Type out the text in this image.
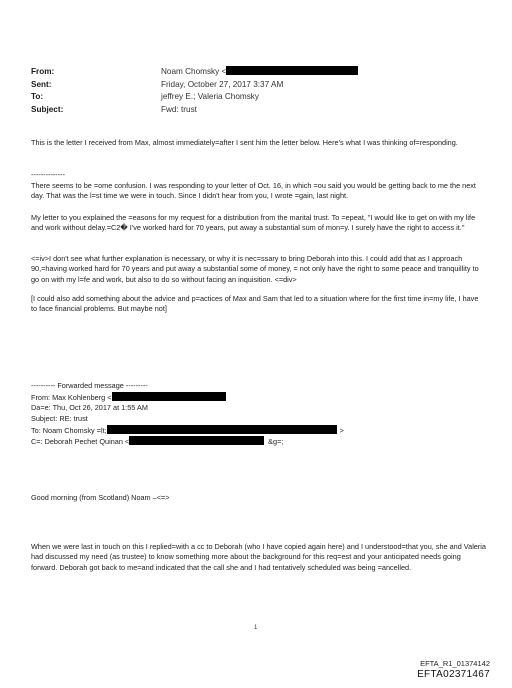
From:	Noam Chomsky <
Sent:	Friday, October 27, 2017 3:37 AM
To:	jeffrey E.; Valeria Chomsky
Subject:	Fwd: trust

This is the letter I received from Max, almost immediately=after I sent him the letter below. Here's what I was thinking of=responding.

--------------

There seems to be =ome confusion. I was responding to your letter of Oct. 16, in which =ou said you would be getting back to me the next day. That was the l=st time we were in touch. Since I didn't hear from you, I wrote =gain, last night.

My letter to you explained the =easons for my request for a distribution from the marital trust. To =epeat, "I would like to get on with my life and work without delay.=C2� I've worked hard for 70 years, put away a substantial sum of mon=y. I surely have the right to access it."

<=iv>I don't see what further explanation is necessary, or why it is nec=ssary to bring Deborah into this. I could add that as I approach 90,=having worked hard for 70 years and put away a substantial some of money, = not only have the right to some peace and tranquillity to go on with my l=fe and work, but also to do so without facing an inquisition. <=div>

[I could also add something about the advice and p=actices of Max and Sam that led to a situation where for the first time in=my life, I have to face financial problems. But maybe not]

---------- Forwarded message ---------
From: Max Kohlenberg <
Da=e: Thu, Oct 26, 2017 at 1:55 AM
Subject: RE: trust
To: Noam Chomsky =lt;	>
C=: Deborah Pechet Quinan <	&g=;
Good morning (from Scotland) Noam –<=>

When we were last in touch on this I replied=with a cc to Deborah (who I have copied again here) and I understood=that you, she and Valeria had discussed my need (as trustee) to know something more about the background for this req=est and your anticipated needs going forward. Deborah got back to me=and indicated that the call she and I had tentatively scheduled was being =ancelled.

1
EFTA_R1_01374142
EFTA02371467
